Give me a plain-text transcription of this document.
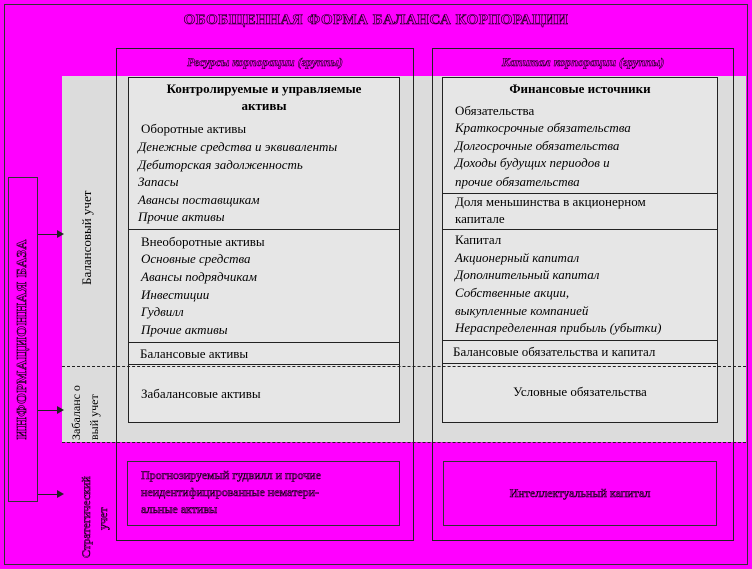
ОБОБЩЕННАЯ ФОРМА БАЛАНСА КОРПОРАЦИИ
Ресурсы корпорации (группы)	Капитал корпорации (группы)
Контролируемые и управляемые
активы
Оборотные активы
Денежные средства и эквиваленты
Дебиторская задолженность
Запасы
Авансы поставщикам
Прочие активы
Внеоборотные активы
Основные средства
Авансы подрядчикам
Инвестиции
Гудвилл
Прочие активы
Балансовые активы
Забалансовые активы
Финансовые источники
Обязательства
Краткосрочные обязательства
Долгосрочные обязательства
Доходы будущих периодов и
прочие обязательства
Доля меньшинства в акционерном
капитале
Капитал
Акционерный капитал
Дополнительный капитал
Собственные акции,
выкупленные компанией
Нераспределенная прибыль (убытки)
Балансовые обязательства и капитал
Условные обязательства
Балансовый учет
Забаланс о вый учет
Стратегический учет
ИНФОРМАЦИОННАЯ БАЗА
Прогнозируемый гудвилл и прочие
неидентифицированные нематери-
альные активы
Интеллектуальный капитал
